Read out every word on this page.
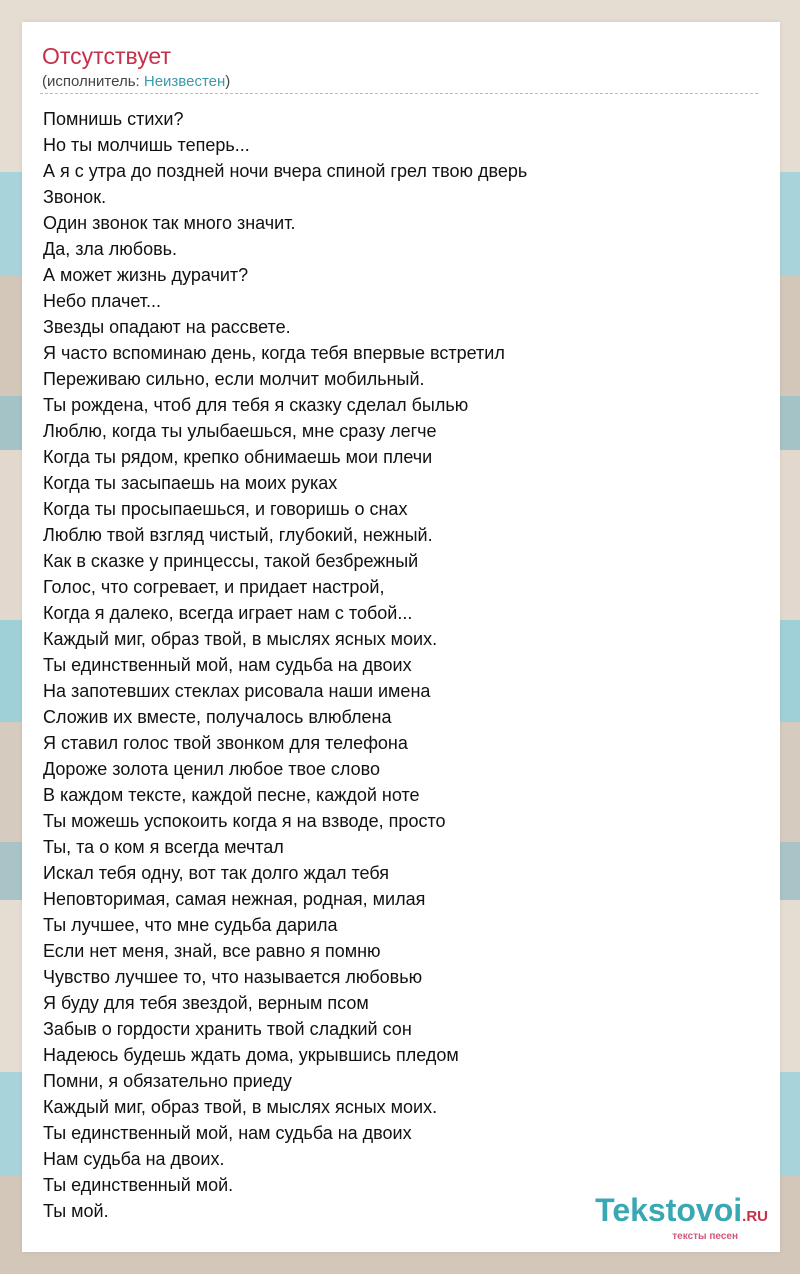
Отсутствует
(исполнитель: Неизвестен)
Помнишь стихи?
Но ты молчишь теперь...
А я с утра до поздней ночи вчера спиной грел твою дверь
Звонок.
Один звонок так много значит.
Да, зла любовь.
А может жизнь дурачит?
Небо плачет...
Звезды опадают на рассвете.
Я часто вспоминаю день, когда тебя впервые встретил
Переживаю сильно, если молчит мобильный.
Ты рождена, чтоб для тебя я сказку сделал былью
Люблю, когда ты улыбаешься, мне сразу легче
Когда ты рядом, крепко обнимаешь мои плечи
Когда ты засыпаешь на моих руках
Когда ты просыпаешься, и говоришь о снах
Люблю твой взгляд чистый, глубокий, нежный.
Как в сказке у принцессы, такой безбрежный
Голос, что согревает, и придает настрой,
Когда я далеко, всегда играет нам с тобой...
Каждый миг, образ твой, в мыслях ясных моих.
Ты единственный мой, нам судьба на двоих
На запотевших стеклах рисовала наши имена
Сложив их вместе, получалось влюблена
Я ставил голос твой звонком для телефона
Дороже золота ценил любое твое слово
В каждом тексте, каждой песне, каждой ноте
Ты можешь успокоить когда я на взводе, просто
Ты, та о ком я всегда мечтал
Искал тебя одну, вот так долго ждал тебя
Неповторимая, самая нежная, родная, милая
Ты лучшее, что мне судьба дарила
Если нет меня, знай, все равно я помню
Чувство лучшее то, что называется любовью
Я буду для тебя звездой, верным псом
Забыв о гордости хранить твой сладкий сон
Надеюсь будешь ждать дома, укрывшись пледом
Помни, я обязательно приеду
Каждый миг, образ твой, в мыслях ясных моих.
Ты единственный мой, нам судьба на двоих
Нам судьба на двоих.
Ты единственный мой.
Ты мой.	Tekstovoi.RU
тексты песен
